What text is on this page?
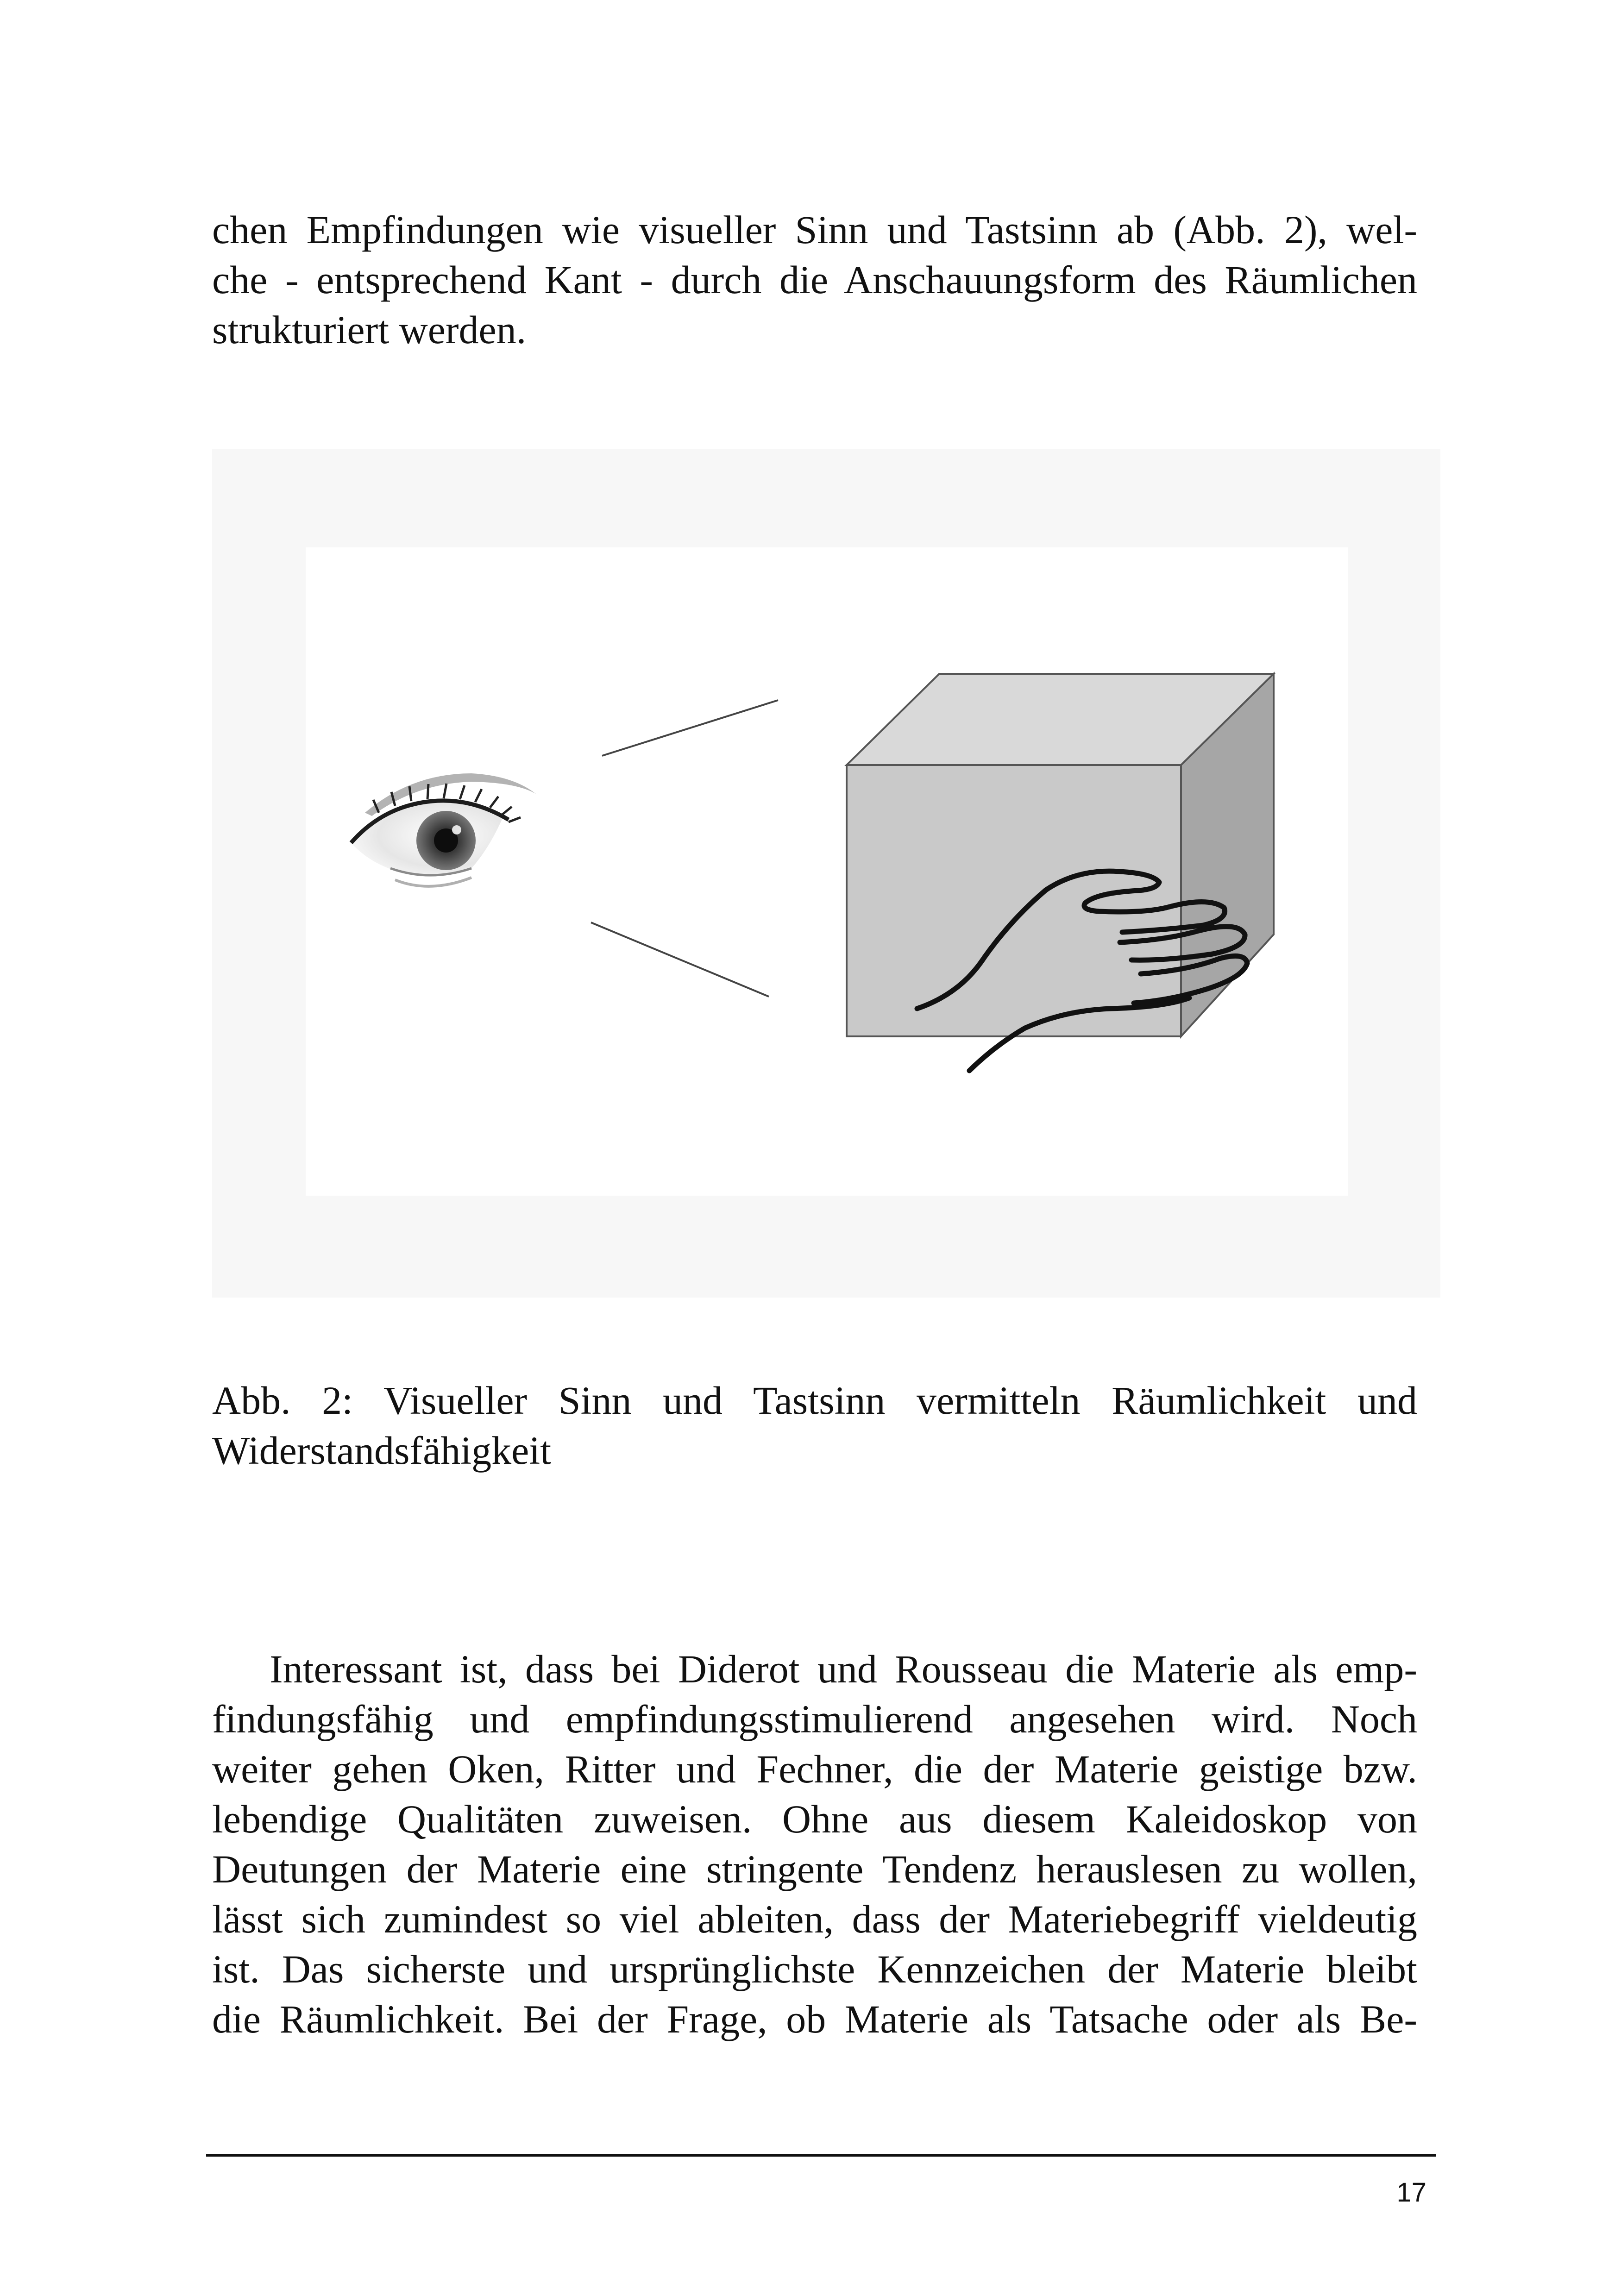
chen Empfindungen wie visueller Sinn und Tastsinn ab (Abb. 2), wel-
che - entsprechend Kant - durch die Anschauungsform des Räumlichen
strukturiert werden.
Abb. 2: Visueller Sinn und Tastsinn vermitteln Räumlichkeit und
Widerstandsfähigkeit
Interessant ist, dass bei Diderot und Rousseau die Materie als emp-
findungsfähig und empfindungsstimulierend angesehen wird. Noch
weiter gehen Oken, Ritter und Fechner, die der Materie geistige bzw.
lebendige Qualitäten zuweisen. Ohne aus diesem Kaleidoskop von
Deutungen der Materie eine stringente Tendenz herauslesen zu wollen,
lässt sich zumindest so viel ableiten, dass der Materiebegriff vieldeutig
ist. Das sicherste und ursprünglichste Kennzeichen der Materie bleibt
die Räumlichkeit. Bei der Frage, ob Materie als Tatsache oder als Be-
17
